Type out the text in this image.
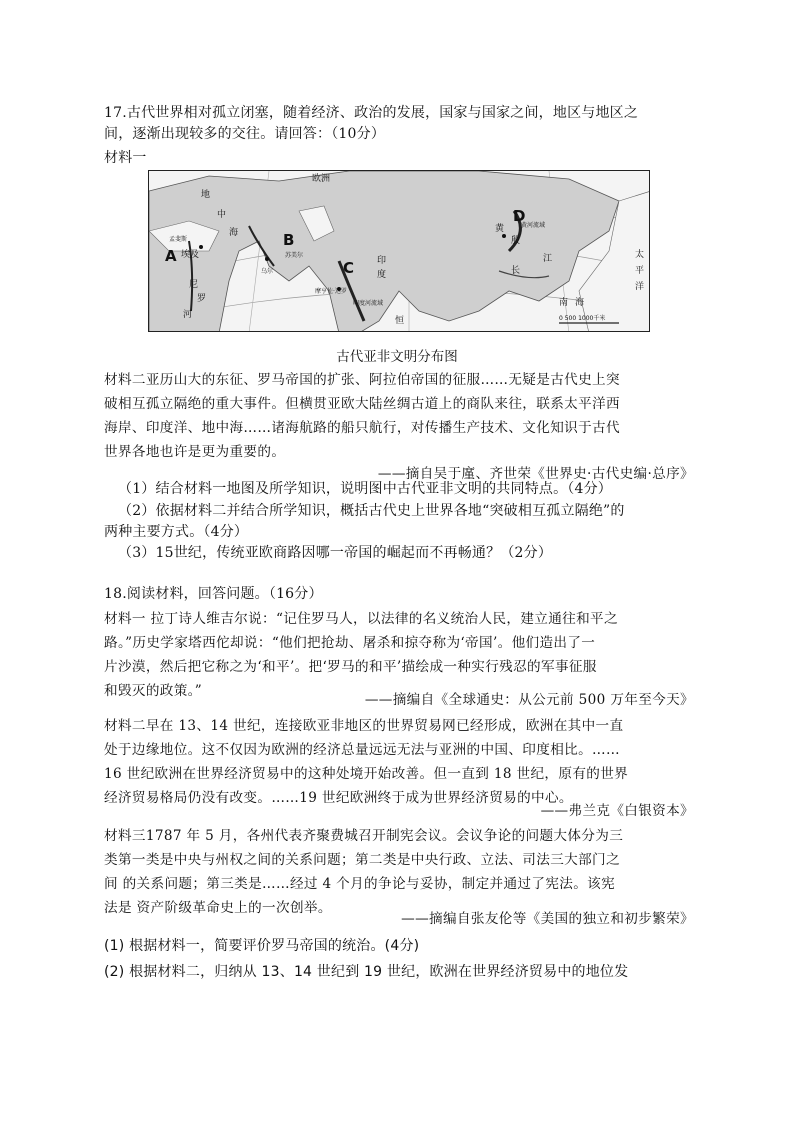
17.古代世界相对孤立闭塞，随着经济、政治的发展，国家与国家之间，地区与地区之
间，逐渐出现较多的交往。请回答：（10分）
材料一
欧洲
地
中
海
孟斐斯
A 埃及
尼
罗
河
B
苏美尔
乌尔	C	印
度
摩亨佐·达罗
印度河流域
恒
D
黄河流域
黄
殷
长
江	太
平
洋
南 海
0 500 1000千米
古代亚非文明分布图
材料二亚历山大的东征、罗马帝国的扩张、阿拉伯帝国的征服……无疑是古代史上突
破相互孤立隔绝的重大事件。但横贯亚欧大陆丝绸古道上的商队来往，联系太平洋西
海岸、印度洋、地中海……诸海航路的船只航行，对传播生产技术、文化知识于古代
世界各地也许是更为重要的。
——摘自吴于廑、齐世荣《世界史·古代史编·总序》
（1）结合材料一地图及所学知识，说明图中古代亚非文明的共同特点。（4分）
（2）依据材料二并结合所学知识，概括古代史上世界各地“突破相互孤立隔绝”的
两种主要方式。（4分）
（3）15世纪，传统亚欧商路因哪一帝国的崛起而不再畅通？（2分）
18.阅读材料，回答问题。（16分）
材料一 拉丁诗人维吉尔说：“记住罗马人，以法律的名义统治人民，建立通往和平之
路。”历史学家塔西佗却说：“他们把抢劫、屠杀和掠夺称为‘帝国’。他们造出了一
片沙漠，然后把它称之为‘和平’。把‘罗马的和平’描绘成一种实行残忍的军事征服
和毁灭的政策。”
——摘编自《全球通史：从公元前 500 万年至今天》
材料二早在 13、14 世纪，连接欧亚非地区的世界贸易网已经形成，欧洲在其中一直
处于边缘地位。这不仅因为欧洲的经济总量远远无法与亚洲的中国、印度相比。……
16 世纪欧洲在世界经济贸易中的这种处境开始改善。但一直到 18 世纪，原有的世界
经济贸易格局仍没有改变。……19 世纪欧洲终于成为世界经济贸易的中心。
——弗兰克《白银资本》
材料三1787 年 5 月，各州代表齐聚费城召开制宪会议。会议争论的问题大体分为三
类第一类是中央与州权之间的关系问题；第二类是中央行政、立法、司法三大部门之
间 的关系问题；第三类是……经过 4 个月的争论与妥协，制定并通过了宪法。该宪
法是 资产阶级革命史上的一次创举。
——摘编自张友伦等《美国的独立和初步繁荣》
(1) 根据材料一，简要评价罗马帝国的统治。(4分)
(2) 根据材料二，归纳从 13、14 世纪到 19 世纪，欧洲在世界经济贸易中的地位发
